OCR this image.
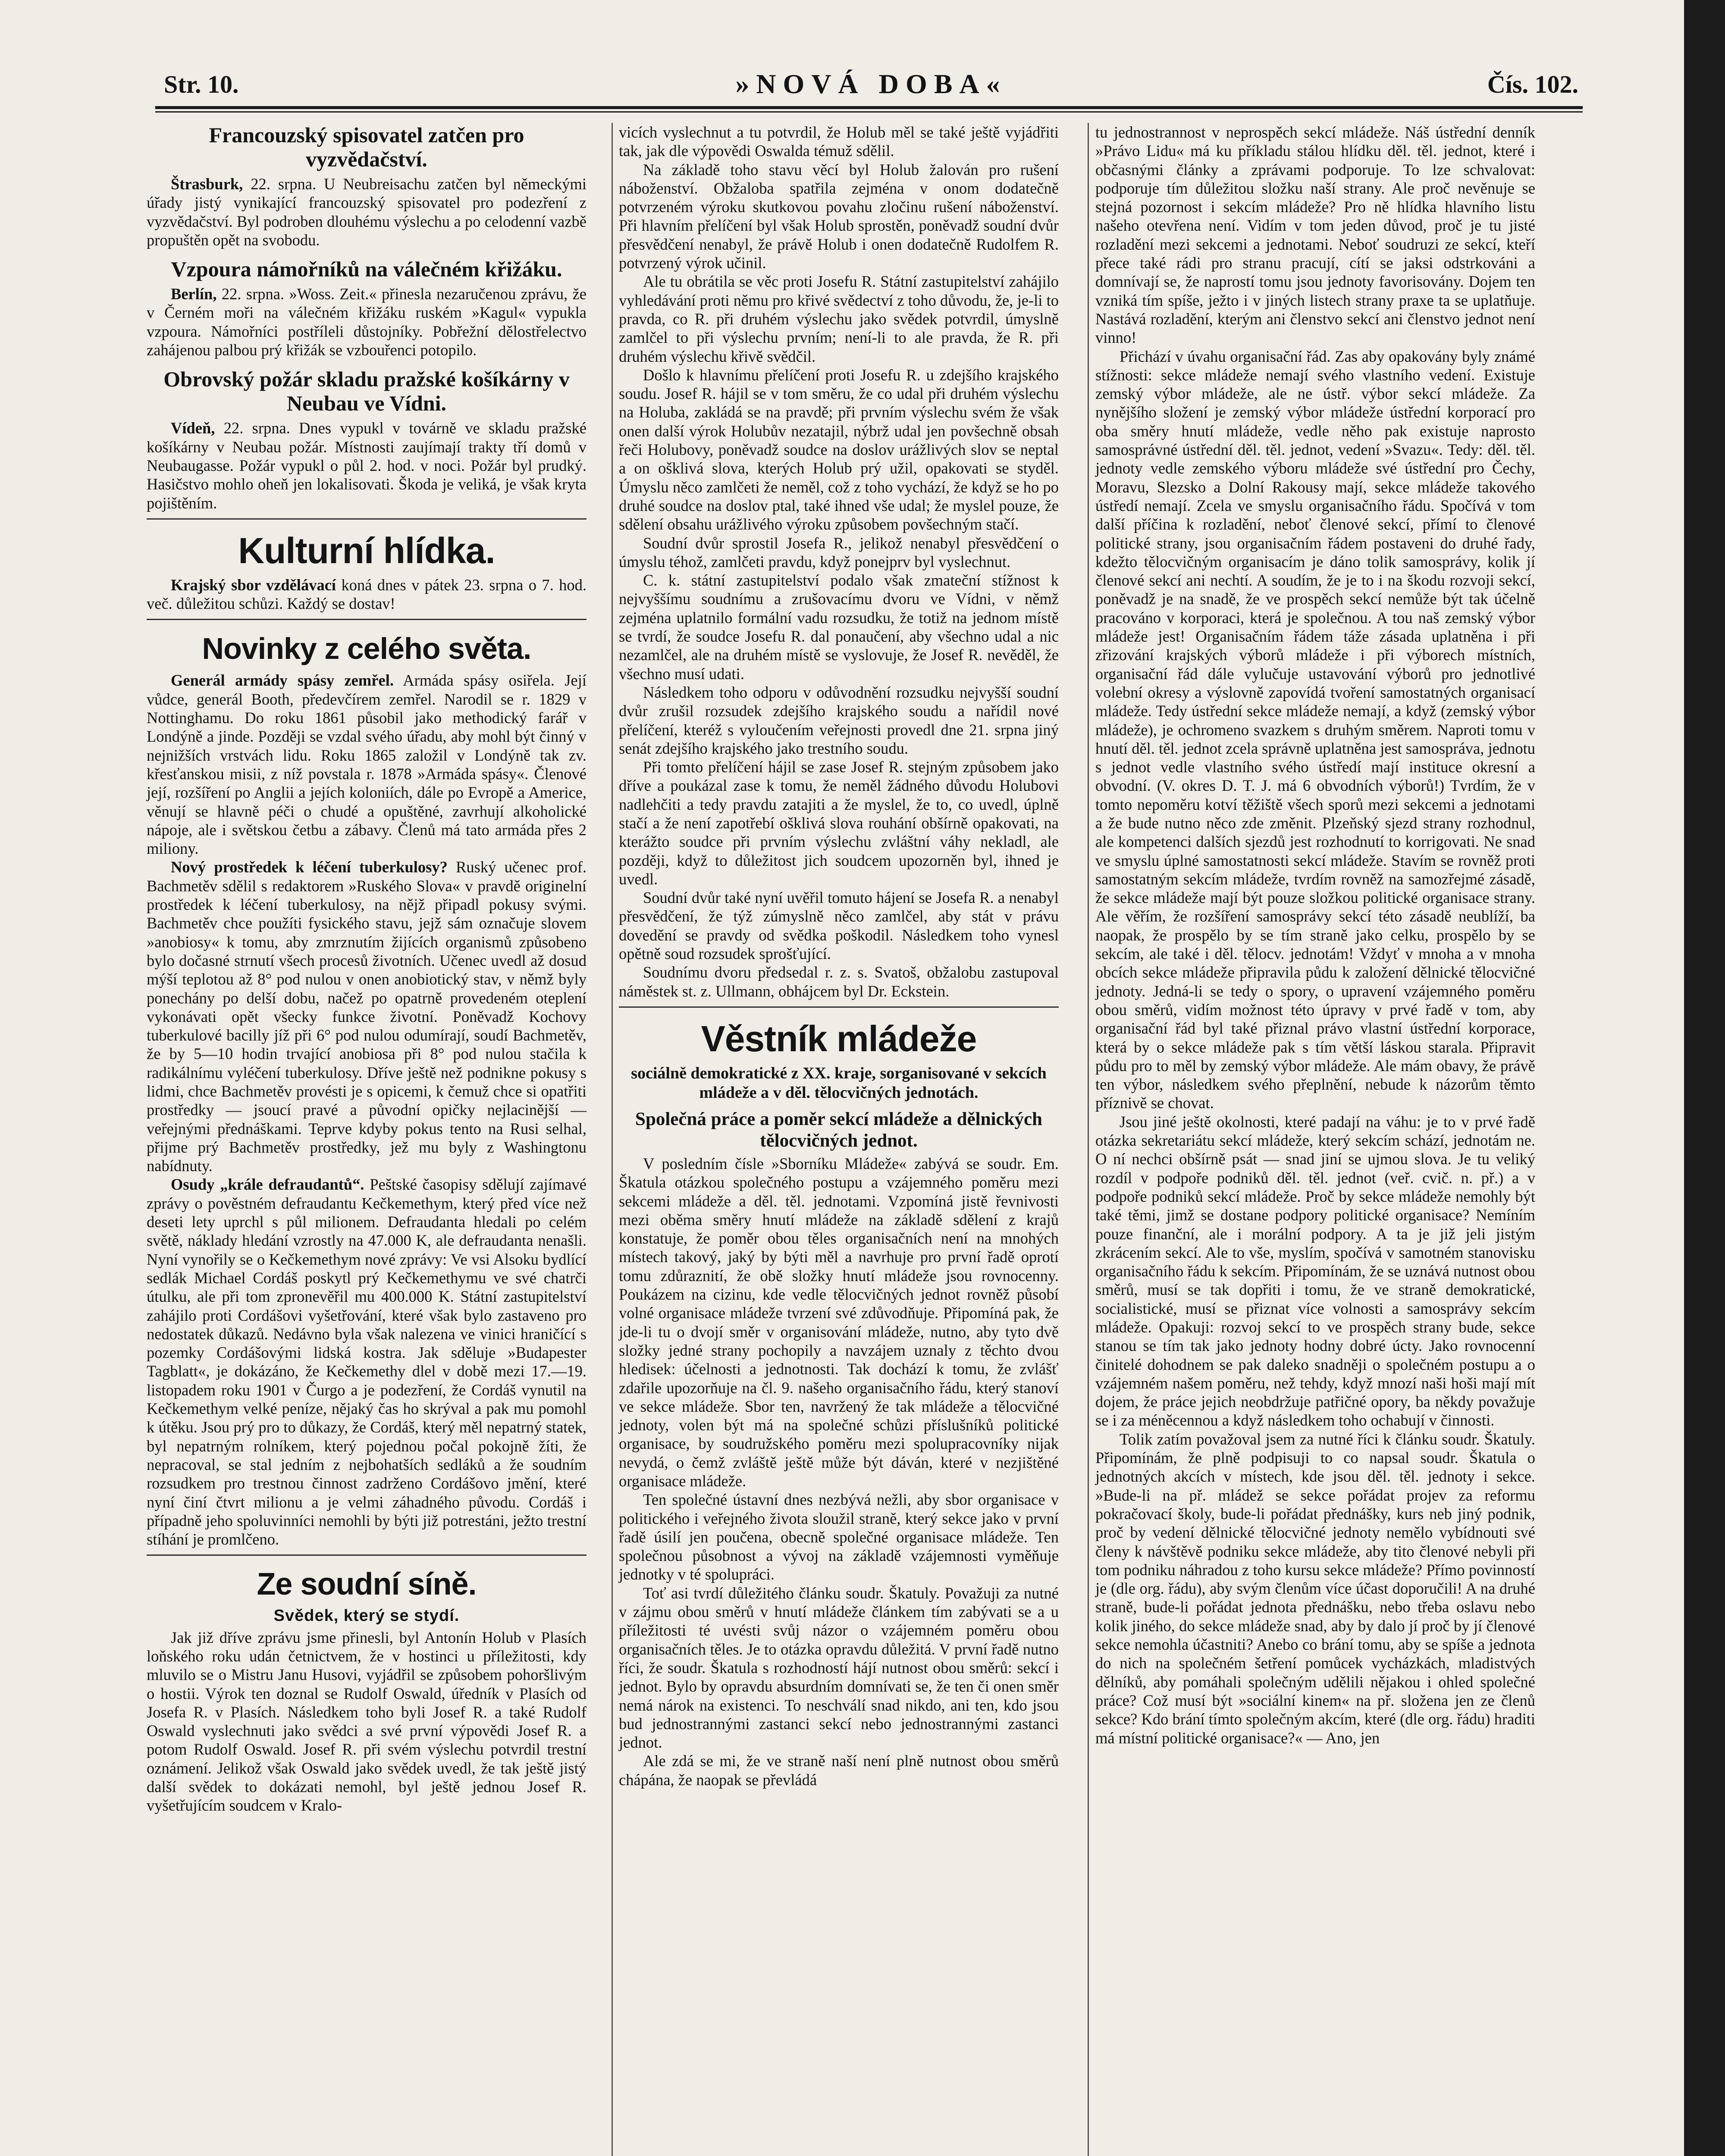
Str. 10.	»NOVÁ DOBA«	Čís. 102.
Francouzský spisovatel zatčen pro vyzvědačství.

Štrasburk, 22. srpna. U Neubreisachu zatčen byl německými úřady jistý vynikající francouzský spisovatel pro podezření z vyzvědačství. Byl podroben dlouhému výslechu a po celodenní vazbě propuštěn opět na svobodu.

Vzpoura námořníků na válečném křižáku.

Berlín, 22. srpna. »Woss. Zeit.« přinesla nezaručenou zprávu, že v Černém moři na válečném křižáku ruském »Kagul« vypukla vzpoura. Námořníci postříleli důstojníky. Pobřežní dělostřelectvo zahájenou palbou prý křižák se vzbouřenci potopilo.

Obrovský požár skladu pražské košíkárny v Neubau ve Vídni.

Vídeň, 22. srpna. Dnes vypukl v továrně ve skladu pražské košíkárny v Neubau požár. Místnosti zaujímají trakty tří domů v Neubaugasse. Požár vypukl o půl 2. hod. v noci. Požár byl prudký. Hasičstvo mohlo oheň jen lokalisovati. Škoda je veliká, je však kryta pojištěním.

Kulturní hlídka.

Krajský sbor vzdělávací koná dnes v pátek 23. srpna o 7. hod. več. důležitou schůzi. Každý se dostav!

Novinky z celého světa.

Generál armády spásy zemřel. Armáda spásy osiřela. Její vůdce, generál Booth, předevčírem zemřel. Narodil se r. 1829 v Nottinghamu. Do roku 1861 působil jako methodický farář v Londýně a jinde. Později se vzdal svého úřadu, aby mohl být činný v nejnižších vrstvách lidu. Roku 1865 založil v Londýně tak zv. křesťanskou misii, z níž povstala r. 1878 »Armáda spásy«. Členové její, rozšíření po Anglii a jejích koloniích, dále po Evropě a Americe, věnují se hlavně péči o chudé a opuštěné, zavrhují alkoholické nápoje, ale i světskou četbu a zábavy. Členů má tato armáda přes 2 miliony.

Nový prostředek k léčení tuberkulosy? Ruský učenec prof. Bachmetěv sdělil s redaktorem »Ruského Slova« v pravdě originelní prostředek k léčení tuberkulosy, na nějž připadl pokusy svými. Bachmetěv chce použíti fysického stavu, jejž sám označuje slovem »anobiosy« k tomu, aby zmrznutím žijících organismů způsobeno bylo dočasné strnutí všech procesů životních. Učenec uvedl až dosud mýší teplotou až 8° pod nulou v onen anobiotický stav, v němž byly ponechány po delší dobu, načež po opatrně provedeném oteplení vykonávati opět všecky funkce životní. Poněvadž Kochovy tuberkulové bacilly jíž při 6° pod nulou odumírají, soudí Bachmetěv, že by 5—10 hodin trvající anobiosa při 8° pod nulou stačila k radikálnímu vyléčení tuberkulosy. Dříve ještě než podnikne pokusy s lidmi, chce Bachmetěv provésti je s opicemi, k čemuž chce si opatřiti prostředky — jsoucí pravé a původní opičky nejlacinější — veřejnými přednáškami. Teprve kdyby pokus tento na Rusi selhal, přijme prý Bachmetěv prostředky, jež mu byly z Washingtonu nabídnuty.

Osudy „krále defraudantů“. Peštské časopisy sdělují zajímavé zprávy o pověstném defraudantu Kečkemethym, který před více než deseti lety uprchl s půl milionem. Defraudanta hledali po celém světě, náklady hledání vzrostly na 47.000 K, ale defraudanta nenašli. Nyní vynořily se o Kečkemethym nové zprávy: Ve vsi Alsoku bydlící sedlák Michael Cordáš poskytl prý Kečkemethymu ve své chatrči útulku, ale při tom zpronevěřil mu 400.000 K. Státní zastupitelství zahájilo proti Cordášovi vyšetřování, které však bylo zastaveno pro nedostatek důkazů. Nedávno byla však nalezena ve vinici hraničící s pozemky Cordášovými lidská kostra. Jak sděluje »Budapester Tagblatt«, je dokázáno, že Kečkemethy dlel v době mezi 17.—19. listopadem roku 1901 v Čurgo a je podezření, že Cordáš vynutil na Kečkemethym velké peníze, nějaký čas ho skrýval a pak mu pomohl k útěku. Jsou prý pro to důkazy, že Cordáš, který měl nepatrný statek, byl nepatrným rolníkem, který pojednou počal pokojně žíti, že nepracoval, se stal jedním z nejbohatších sedláků a že soudním rozsudkem pro trestnou činnost zadrženo Cordášovo jmění, které nyní činí čtvrt milionu a je velmi záhadného původu. Cordáš i případně jeho spoluvinníci nemohli by býti již potrestáni, ježto trestní stíhání je promlčeno.

Ze soudní síně.
Svědek, který se stydí.

Jak již dříve zprávu jsme přinesli, byl Antonín Holub v Plasích loňského roku udán četnictvem, že v hostinci u příležitosti, kdy mluvilo se o Mistru Janu Husovi, vyjádřil se způsobem pohoršlivým o hostii. Výrok ten doznal se Rudolf Oswald, úředník v Plasích od Josefa R. v Plasích. Následkem toho byli Josef R. a také Rudolf Oswald vyslechnuti jako svědci a své první výpovědi Josef R. a potom Rudolf Oswald. Josef R. při svém výslechu potvrdil trestní oznámení. Jelikož však Oswald jako svědek uvedl, že tak ještě jistý další svědek to dokázati nemohl, byl ještě jednou Josef R. vyšetřujícím soudcem v Kralo-

vicích vyslechnut a tu potvrdil, že Holub měl se také ještě vyjádřiti tak, jak dle výpovědi Oswalda témuž sdělil.

Na základě toho stavu věcí byl Holub žalován pro rušení náboženství. Obžaloba spatřila zejména v onom dodatečně potvrzeném výroku skutkovou povahu zločinu rušení náboženství. Při hlavním přelíčení byl však Holub sprostěn, poněvadž soudní dvůr přesvědčení nenabyl, že právě Holub i onen dodatečně Rudolfem R. potvrzený výrok učinil.

Ale tu obrátila se věc proti Josefu R. Státní zastupitelství zahájilo vyhledávání proti němu pro křivé svědectví z toho důvodu, že, je-li to pravda, co R. při druhém výslechu jako svědek potvrdil, úmyslně zamlčel to při výslechu prvním; není-li to ale pravda, že R. při druhém výslechu křivě svědčil.

Došlo k hlavnímu přelíčení proti Josefu R. u zdejšího krajského soudu. Josef R. hájil se v tom směru, že co udal při druhém výslechu na Holuba, zakládá se na pravdě; při prvním výslechu svém že však onen další výrok Holubův nezatajil, nýbrž udal jen povšechně obsah řeči Holubovy, poněvadž soudce na doslov urážlivých slov se neptal a on ošklivá slova, kterých Holub prý užil, opakovati se styděl. Úmyslu něco zamlčeti že neměl, což z toho vychází, že když se ho po druhé soudce na doslov ptal, také ihned vše udal; že myslel pouze, že sdělení obsahu urážlivého výroku způsobem povšechným stačí.

Soudní dvůr sprostil Josefa R., jelikož nenabyl přesvědčení o úmyslu téhož, zamlčeti pravdu, když ponejprv byl vyslechnut.

C. k. státní zastupitelství podalo však zmateční stížnost k nejvyššímu soudnímu a zrušovacímu dvoru ve Vídni, v němž zejména uplatnilo formální vadu rozsudku, že totiž na jednom místě se tvrdí, že soudce Josefu R. dal ponaučení, aby všechno udal a nic nezamlčel, ale na druhém místě se vyslovuje, že Josef R. nevěděl, že všechno musí udati.

Následkem toho odporu v odůvodnění rozsudku nejvyšší soudní dvůr zrušil rozsudek zdejšího krajského soudu a nařídil nové přelíčení, kteréž s vyloučením veřejnosti provedl dne 21. srpna jiný senát zdejšího krajského jako trestního soudu.

Při tomto přelíčení hájil se zase Josef R. stejným způsobem jako dříve a poukázal zase k tomu, že neměl žádného důvodu Holubovi nadlehčiti a tedy pravdu zatajiti a že myslel, že to, co uvedl, úplně stačí a že není zapotřebí ošklivá slova rouhání obšírně opakovati, na kterážto soudce při prvním výslechu zvláštní váhy nekladl, ale později, když to důležitost jich soudcem upozorněn byl, ihned je uvedl.

Soudní dvůr také nyní uvěřil tomuto hájení se Josefa R. a nenabyl přesvědčení, že týž zúmyslně něco zamlčel, aby stát v právu dovedění se pravdy od svědka poškodil. Následkem toho vynesl opětně soud rozsudek sprošťující.

Soudnímu dvoru předsedal r. z. s. Svatoš, obžalobu zastupoval náměstek st. z. Ullmann, obhájcem byl Dr. Eckstein.

Věstník mládeže
sociálně demokratické z XX. kraje, sorganisované v sekcích mládeže a v děl. tělocvičných jednotách.
Společná práce a poměr sekcí mládeže a dělnických tělocvičných jednot.

V posledním čísle »Sborníku Mládeže« zabývá se soudr. Em. Škatula otázkou společného postupu a vzájemného poměru mezi sekcemi mládeže a děl. těl. jednotami. Vzpomíná jistě řevnivosti mezi oběma směry hnutí mládeže na základě sdělení z krajů konstatuje, že poměr obou těles organisačních není na mnohých místech takový, jaký by býti měl a navrhuje pro první řadě oprotí tomu zdůraznití, že obě složky hnutí mládeže jsou rovnocenny. Poukázem na cizinu, kde vedle tělocvičných jednot rovněž působí volné organisace mládeže tvrzení své zdůvodňuje. Připomíná pak, že jde-li tu o dvojí směr v organisování mládeže, nutno, aby tyto dvě složky jedné strany pochopily a navzájem uznaly z těchto dvou hledisek: účelnosti a jednotnosti. Tak dochází k tomu, že zvlášť zdařile upozorňuje na čl. 9. našeho organisačního řádu, který stanoví ve sekce mládeže. Sbor ten, navržený že tak mládeže a tělocvičné jednoty, volen být má na společné schůzi příslušníků politické organisace, by soudružského poměru mezi spolupracovníky nijak nevydá, o čemž zvláště ještě může být dáván, které v nezjištěné organisace mládeže.

Ten společné ústavní dnes nezbývá nežli, aby sbor organisace v politického i veřejného života sloužil straně, který sekce jako v první řadě úsilí jen poučena, obecně společné organisace mládeže. Ten společnou působnost a vývoj na základě vzájemnosti vyměňuje jednotky v té spolupráci.

Toť asi tvrdí důležitého článku soudr. Škatuly. Považuji za nutné v zájmu obou směrů v hnutí mládeže článkem tím zabývati se a u příležitosti té uvésti svůj názor o vzájemném poměru obou organisačních těles. Je to otázka opravdu důležitá. V první řadě nutno říci, že soudr. Škatula s rozhodností hájí nutnost obou směrů: sekcí i jednot. Bylo by opravdu absurdním domnívati se, že ten či onen směr nemá nárok na existenci. To neschválí snad nikdo, ani ten, kdo jsou bud jednostrannými zastanci sekcí nebo jednostrannými zastanci jednot.

Ale zdá se mi, že ve straně naší není plně nutnost obou směrů chápána, že naopak se převládá

tu jednostrannost v neprospěch sekcí mládeže. Náš ústřední denník »Právo Lidu« má ku příkladu stálou hlídku děl. těl. jednot, které i občasnými články a zprávami podporuje. To lze schvalovat: podporuje tím důležitou složku naší strany. Ale proč nevěnuje se stejná pozornost i sekcím mládeže? Pro ně hlídka hlavního listu našeho otevřena není. Vidím v tom jeden důvod, proč je tu jisté rozladění mezi sekcemi a jednotami. Neboť soudruzi ze sekcí, kteří přece také rádi pro stranu pracují, cítí se jaksi odstrkováni a domnívají se, že naprostí tomu jsou jednoty favorisovány. Dojem ten vzniká tím spíše, ježto i v jiných listech strany praxe ta se uplatňuje. Nastává rozladění, kterým ani členstvo sekcí ani členstvo jednot není vinno!

Přichází v úvahu organisační řád. Zas aby opakovány byly známé stížnosti: sekce mládeže nemají svého vlastního vedení. Existuje zemský výbor mládeže, ale ne ústř. výbor sekcí mládeže. Za nynějšího složení je zemský výbor mládeže ústřední korporací pro oba směry hnutí mládeže, vedle něho pak existuje naprosto samosprávné ústřední děl. těl. jednot, vedení »Svazu«. Tedy: děl. těl. jednoty vedle zemského výboru mládeže své ústřední pro Čechy, Moravu, Slezsko a Dolní Rakousy mají, sekce mládeže takového ústředí nemají. Zcela ve smyslu organisačního řádu. Spočívá v tom další příčina k rozladění, neboť členové sekcí, přímí to členové politické strany, jsou organisačním řádem postaveni do druhé řady, kdežto tělocvičným organisacím je dáno tolik samosprávy, kolik jí členové sekcí ani nechtí. A soudím, že je to i na škodu rozvoji sekcí, poněvadž je na snadě, že ve prospěch sekcí nemůže být tak účelně pracováno v korporaci, která je společnou. A tou naš zemský výbor mládeže jest! Organisačním řádem táže zásada uplatněna i při zřizování krajských výborů mládeže i při výborech místních, organisační řád dále vylučuje ustavování výborů pro jednotlivé volební okresy a výslovně zapovídá tvoření samostatných organisací mládeže. Tedy ústřední sekce mládeže nemají, a když (zemský výbor mládeže), je ochromeno svazkem s druhým směrem. Naproti tomu v hnutí děl. těl. jednot zcela správně uplatněna jest samospráva, jednotu s jednot vedle vlastního svého ústředí mají instituce okresní a obvodní. (V. okres D. T. J. má 6 obvodních výborů!) Tvrdím, že v tomto nepoměru kotví těžiště všech sporů mezi sekcemi a jednotami a že bude nutno něco zde změnit. Plzeňský sjezd strany rozhodnul, ale kompetenci dalších sjezdů jest rozhodnutí to korrigovati. Ne snad ve smyslu úplné samostatnosti sekcí mládeže. Stavím se rovněž proti samostatným sekcím mládeže, tvrdím rovněž na samozřejmé zásadě, že sekce mládeže mají být pouze složkou politické organisace strany. Ale věřím, že rozšíření samosprávy sekcí této zásadě neublíží, ba naopak, že prospělo by se tím straně jako celku, prospělo by se sekcím, ale také i děl. tělocv. jednotám! Vždyť v mnoha a v mnoha obcích sekce mládeže připravila půdu k založení dělnické tělocvičné jednoty. Jedná-li se tedy o spory, o upravení vzájemného poměru obou směrů, vidím možnost této úpravy v prvé řadě v tom, aby organisační řád byl také přiznal právo vlastní ústřední korporace, která by o sekce mládeže pak s tím větší láskou starala. Připravit půdu pro to měl by zemský výbor mládeže. Ale mám obavy, že právě ten výbor, následkem svého přeplnění, nebude k názorům těmto příznivě se chovat.

Jsou jiné ještě okolnosti, které padají na váhu: je to v prvé řadě otázka sekretariátu sekcí mládeže, který sekcím schází, jednotám ne. O ní nechci obšírně psát — snad jiní se ujmou slova. Je tu veliký rozdíl v podpoře podniků děl. těl. jednot (veř. cvič. n. př.) a v podpoře podniků sekcí mládeže. Proč by sekce mládeže nemohly být také těmi, jimž se dostane podpory politické organisace? Nemíním pouze finanční, ale i morální podpory. A ta je již jeli jistým zkrácením sekcí. Ale to vše, myslím, spočívá v samotném stanovisku organisačního řádu k sekcím. Připomínám, že se uznává nutnost obou směrů, musí se tak dopřiti i tomu, že ve straně demokratické, socialistické, musí se přiznat více volnosti a samosprávy sekcím mládeže. Opakuji: rozvoj sekcí to ve prospěch strany bude, sekce stanou se tím tak jako jednoty hodny dobré úcty. Jako rovnocenní činitelé dohodnem se pak daleko snadněji o společném postupu a o vzájemném našem poměru, než tehdy, když mnozí naši hoši mají mít dojem, že práce jejich neobdržuje patřičné opory, ba někdy považuje se i za méněcennou a když následkem toho ochabují v činnosti.

Tolik zatím považoval jsem za nutné říci k článku soudr. Škatuly. Připomínám, že plně podpisuji to co napsal soudr. Škatula o jednotných akcích v místech, kde jsou děl. těl. jednoty i sekce. »Bude-li na př. mládež se sekce pořádat projev za reformu pokračovací školy, bude-li pořádat přednášky, kurs neb jiný podnik, proč by vedení dělnické tělocvičné jednoty nemělo vybídnouti své členy k návštěvě podniku sekce mládeže, aby tito členové nebyli při tom podniku náhradou z toho kursu sekce mládeže? Přímo povinností je (dle org. řádu), aby svým členům více účast doporučili! A na druhé straně, bude-li pořádat jednota přednášku, nebo třeba oslavu nebo kolik jiného, do sekce mládeže snad, aby by dalo jí proč by jí členové sekce nemohla účastniti? Anebo co brání tomu, aby se spíše a jednota do nich na společném šetření pomůcek vycházkách, mladistvých dělníků, aby pomáhali společným udělili nějakou i ohled společné práce? Což musí být »sociální kinem« na př. složena jen ze členů sekce? Kdo brání tímto společným akcím, které (dle org. řádu) hraditi má místní politické organisace?« — Ano, jen
